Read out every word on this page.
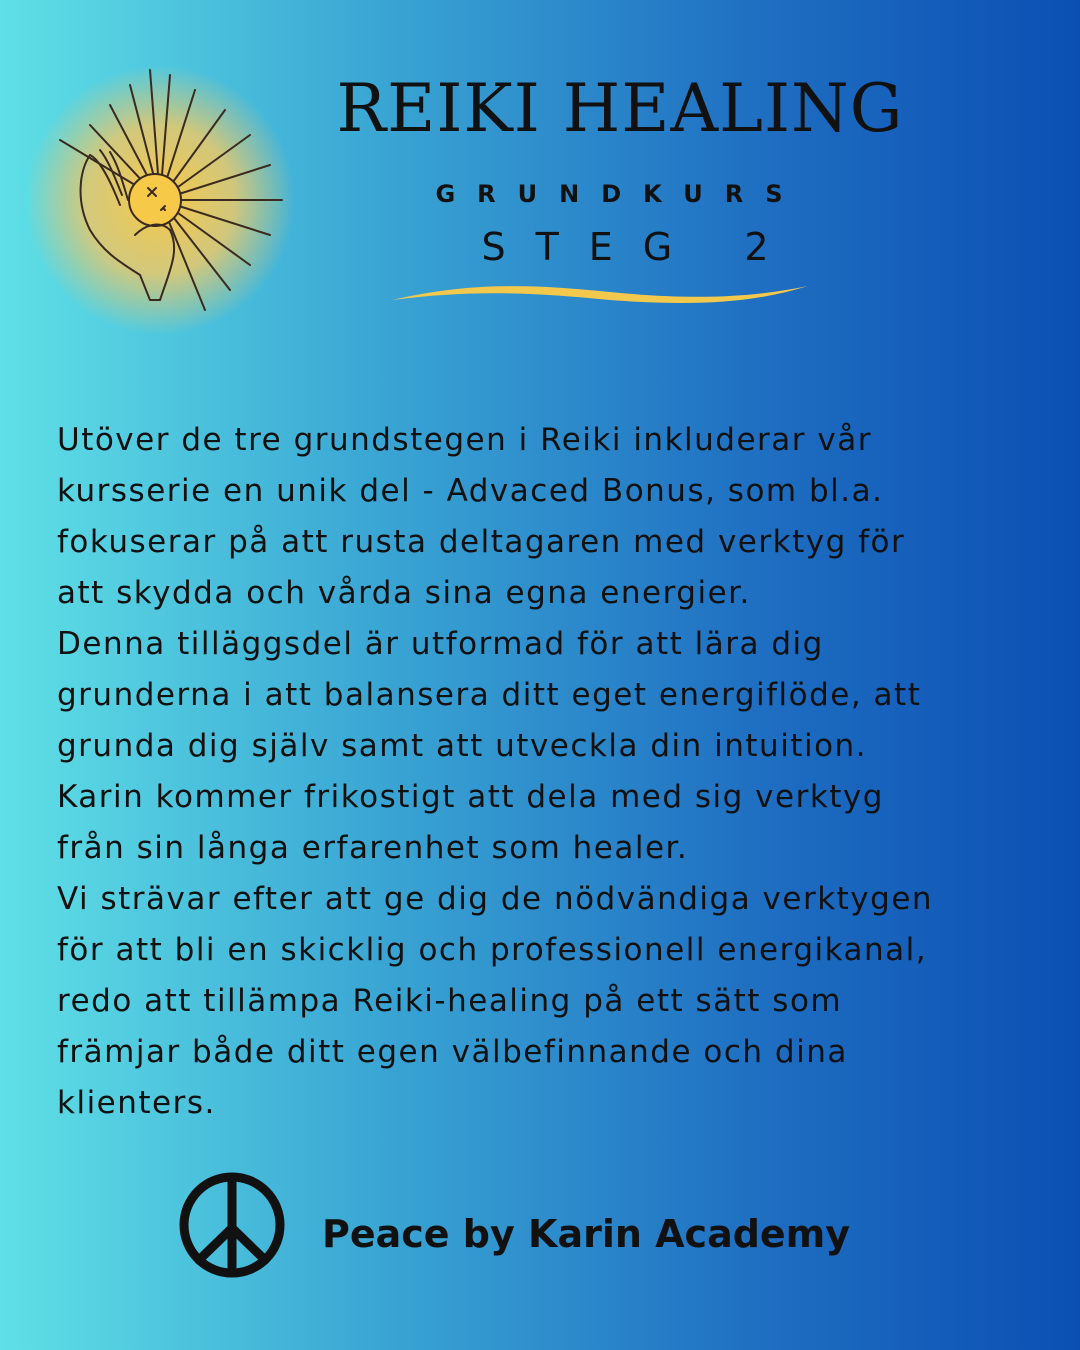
REIKI HEALING
GRUNDKURS
STEG 2

Utöver de tre grundstegen i Reiki inkluderar vår

kursserie en unik del - Advaced Bonus, som bl.a.

fokuserar på att rusta deltagaren med verktyg för

att skydda och vårda sina egna energier.

Denna tilläggsdel är utformad för att lära dig

grunderna i att balansera ditt eget energiflöde, att

grunda dig själv samt att utveckla din intuition.

Karin kommer frikostigt att dela med sig verktyg

från sin långa erfarenhet som healer.

Vi strävar efter att ge dig de nödvändiga verktygen

för att bli en skicklig och professionell energikanal,

redo att tillämpa Reiki-healing på ett sätt som

främjar både ditt egen välbefinnande och dina

klienters.

Peace by Karin Academy
